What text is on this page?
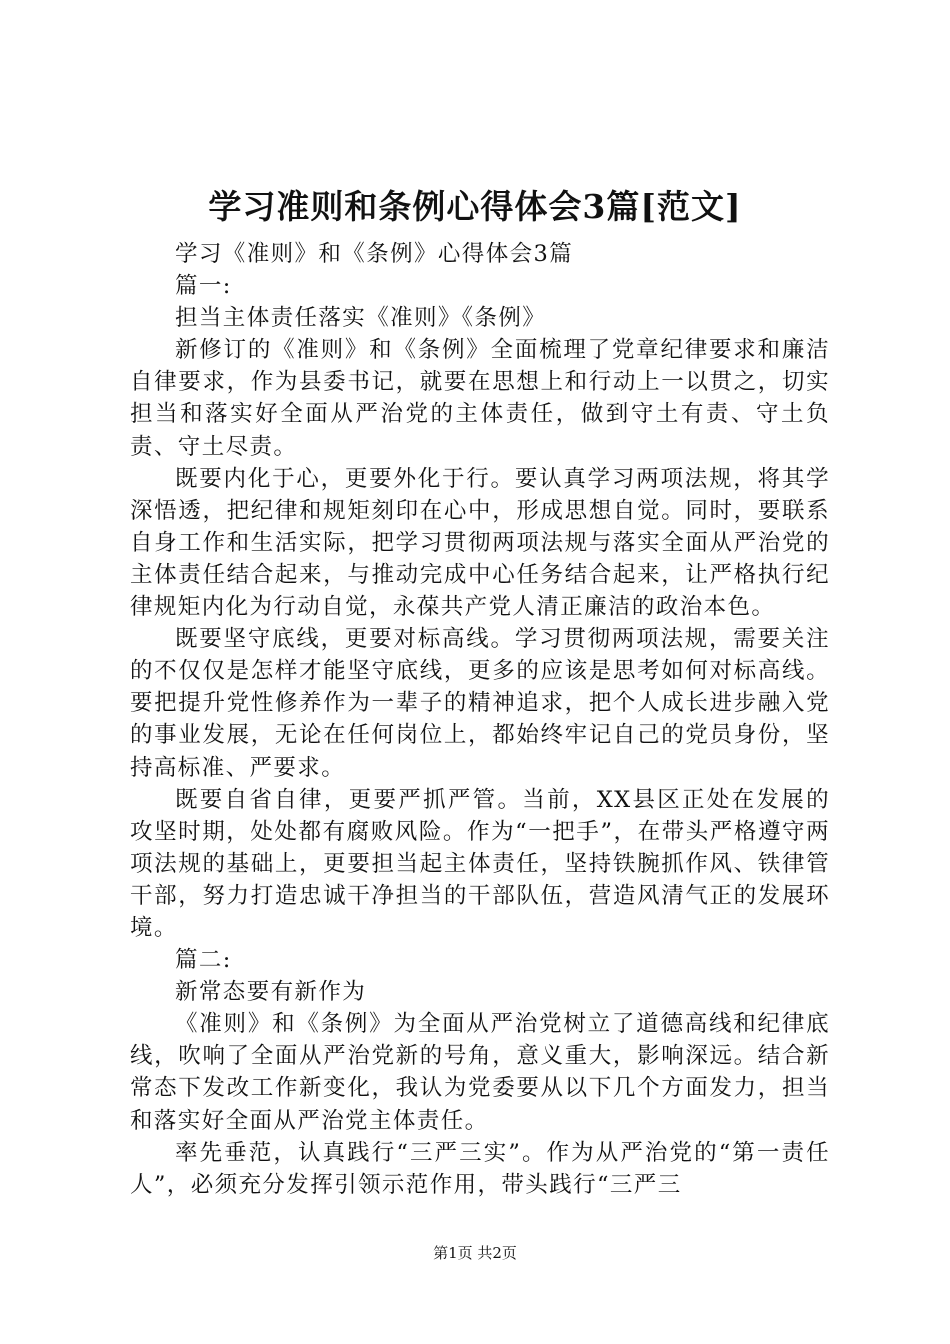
学习准则和条例心得体会3篇[范文]

学习《准则》和《条例》心得体会3篇

篇一:

担当主体责任落实《准则》《条例》

新修订的《准则》和《条例》全面梳理了党章纪律要求和廉洁自律要求，作为县委书记，就要在思想上和行动上一以贯之，切实担当和落实好全面从严治党的主体责任，做到守土有责、守土负责、守土尽责。

既要内化于心，更要外化于行。要认真学习两项法规，将其学深悟透，把纪律和规矩刻印在心中，形成思想自觉。同时，要联系自身工作和生活实际，把学习贯彻两项法规与落实全面从严治党的主体责任结合起来，与推动完成中心任务结合起来，让严格执行纪律规矩内化为行动自觉，永葆共产党人清正廉洁的政治本色。

既要坚守底线，更要对标高线。学习贯彻两项法规，需要关注的不仅仅是怎样才能坚守底线，更多的应该是思考如何对标高线。要把提升党性修养作为一辈子的精神追求，把个人成长进步融入党的事业发展，无论在任何岗位上，都始终牢记自己的党员身份，坚持高标准、严要求。

既要自省自律，更要严抓严管。当前，XX县区正处在发展的攻坚时期，处处都有腐败风险。作为“一把手”，在带头严格遵守两项法规的基础上，更要担当起主体责任，坚持铁腕抓作风、铁律管干部，努力打造忠诚干净担当的干部队伍，营造风清气正的发展环境。

篇二:

新常态要有新作为

《准则》和《条例》为全面从严治党树立了道德高线和纪律底线，吹响了全面从严治党新的号角，意义重大，影响深远。结合新常态下发改工作新变化，我认为党委要从以下几个方面发力，担当和落实好全面从严治党主体责任。

率先垂范，认真践行“三严三实”。作为从严治党的“第一责任人”，必须充分发挥引领示范作用，带头践行“三严三

第1页 共2页
